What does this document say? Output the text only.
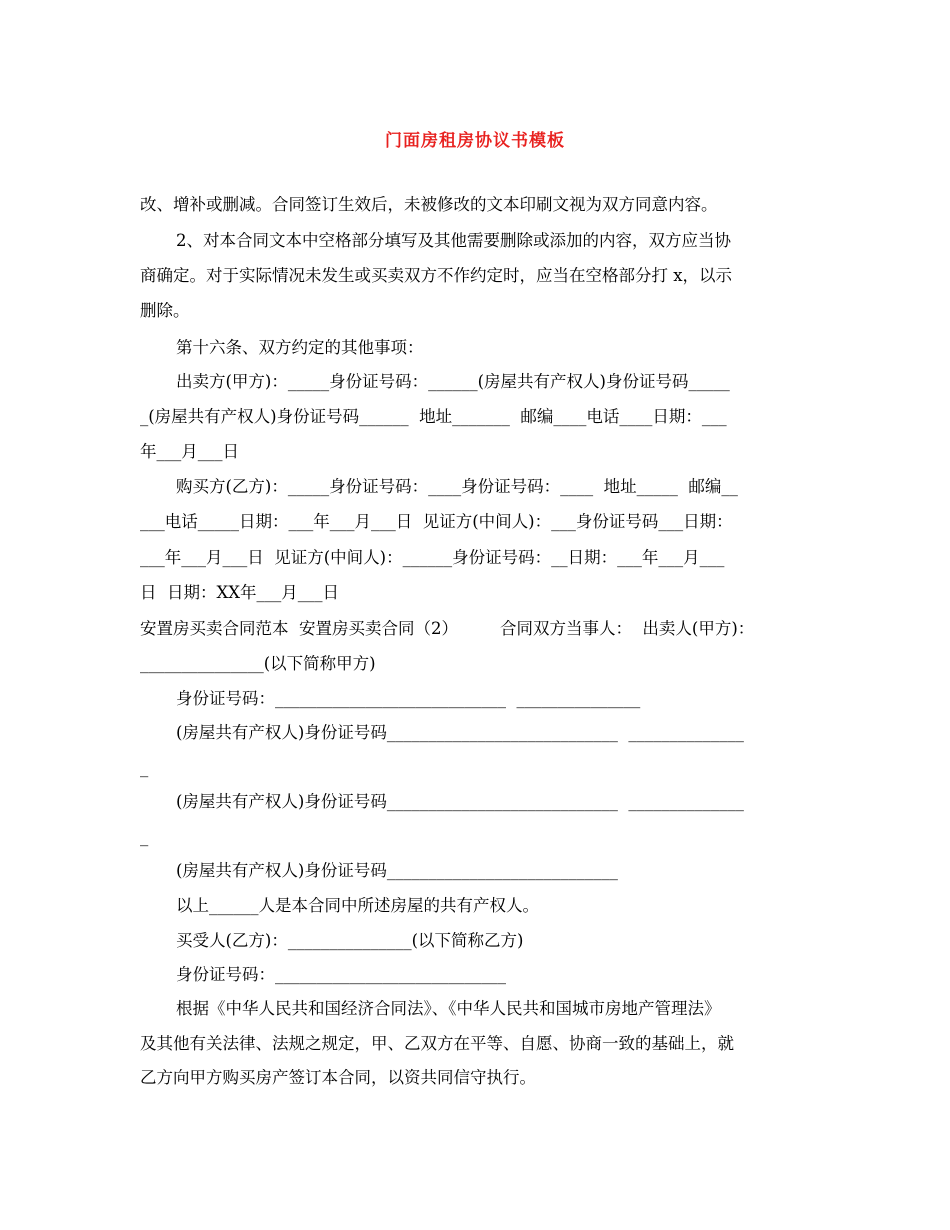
门面房租房协议书模板
改、增补或删减。合同签订生效后，未被修改的文本印刷文视为双方同意内容。
2、对本合同文本中空格部分填写及其他需要删除或添加的内容，双方应当协
商确定。对于实际情况未发生或买卖双方不作约定时，应当在空格部分打 x，以示
删除。
第十六条、双方约定的其他事项：
出卖方(甲方)：_____身份证号码：______(房屋共有产权人)身份证号码_____
_(房屋共有产权人)身份证号码______  地址_______  邮编____电话____日期：___
年___月___日
购买方(乙方)：_____身份证号码：____身份证号码：____  地址_____  邮编__
___电话_____日期：___年___月___日  见证方(中间人)：___身份证号码___日期：
___年___月___日  见证方(中间人)：______身份证号码：__日期：___年___月___
日  日期：XX年___月___日
安置房买卖合同范本  安置房买卖合同（2）        合同双方当事人：  出卖人(甲方)：
_______________(以下简称甲方)
身份证号码：____________________________  _______________
(房屋共有产权人)身份证号码____________________________  ______________
_
(房屋共有产权人)身份证号码____________________________  ______________
_
(房屋共有产权人)身份证号码____________________________
以上______人是本合同中所述房屋的共有产权人。
买受人(乙方)：_______________(以下简称乙方)
身份证号码：____________________________
根据《中华人民共和国经济合同法》、《中华人民共和国城市房地产管理法》
及其他有关法律、法规之规定，甲、乙双方在平等、自愿、协商一致的基础上，就
乙方向甲方购买房产签订本合同，以资共同信守执行。
